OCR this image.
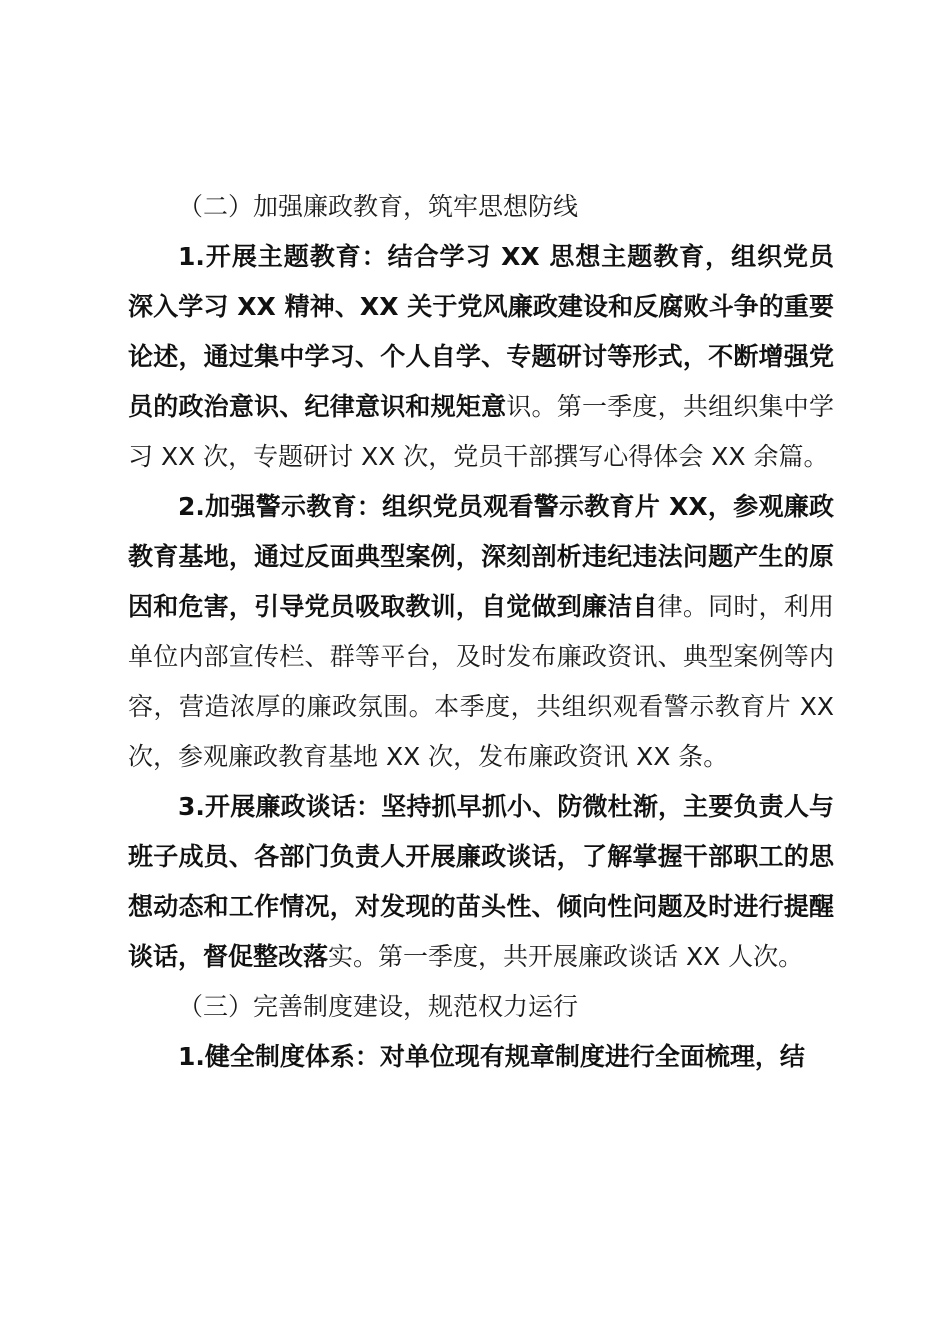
（二）加强廉政教育，筑牢思想防线

1.开展主题教育：结合学习 XX 思想主题教育，组织党员深入学习 XX 精神、XX 关于党风廉政建设和反腐败斗争的重要论述，通过集中学习、个人自学、专题研讨等形式，不断增强党员的政治意识、纪律意识和规矩意识。第一季度，共组织集中学习 XX 次，专题研讨 XX 次，党员干部撰写心得体会 XX 余篇。

2.加强警示教育：组织党员观看警示教育片 XX，参观廉政教育基地，通过反面典型案例，深刻剖析违纪违法问题产生的原因和危害，引导党员吸取教训，自觉做到廉洁自律。同时，利用单位内部宣传栏、群等平台，及时发布廉政资讯、典型案例等内容，营造浓厚的廉政氛围。本季度，共组织观看警示教育片 XX 次，参观廉政教育基地 XX 次，发布廉政资讯 XX 条。

3.开展廉政谈话：坚持抓早抓小、防微杜渐，主要负责人与班子成员、各部门负责人开展廉政谈话，了解掌握干部职工的思想动态和工作情况，对发现的苗头性、倾向性问题及时进行提醒谈话，督促整改落实。第一季度，共开展廉政谈话 XX 人次。

（三）完善制度建设，规范权力运行

1.健全制度体系：对单位现有规章制度进行全面梳理，结
